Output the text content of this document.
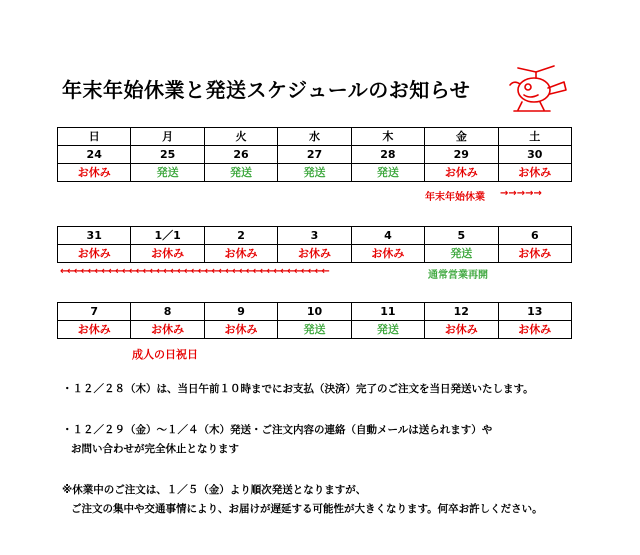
年末年始休業と発送スケジュールのお知らせ
日	月	火	水	木	金	土
24	25	26	27	28	29	30
お休み	発送	発送	発送	発送	お休み	お休み
年末年始休業 →→→→→
31	1／1	2	3	4	5	6
お休み	お休み	お休み	お休み	お休み	発送	お休み
←←←←←←←←←←←←←←←←←←←←←←←←←←←←←←←←←←←←←←←	通常営業再開
7	8	9	10	11	12	13
お休み	お休み	お休み	発送	発送	お休み	お休み
成人の日祝日
・１２／２８（木）は、当日午前１０時までにお支払（決済）完了のご注文を当日発送いたします。
・１２／２９（金）～１／４（木）発送・ご注文内容の連絡（自動メールは送られます）や
お問い合わせが完全休止となります
※休業中のご注文は、１／５（金）より順次発送となりますが、
ご注文の集中や交通事情により、お届けが遅延する可能性が大きくなります。何卒お許しください。
